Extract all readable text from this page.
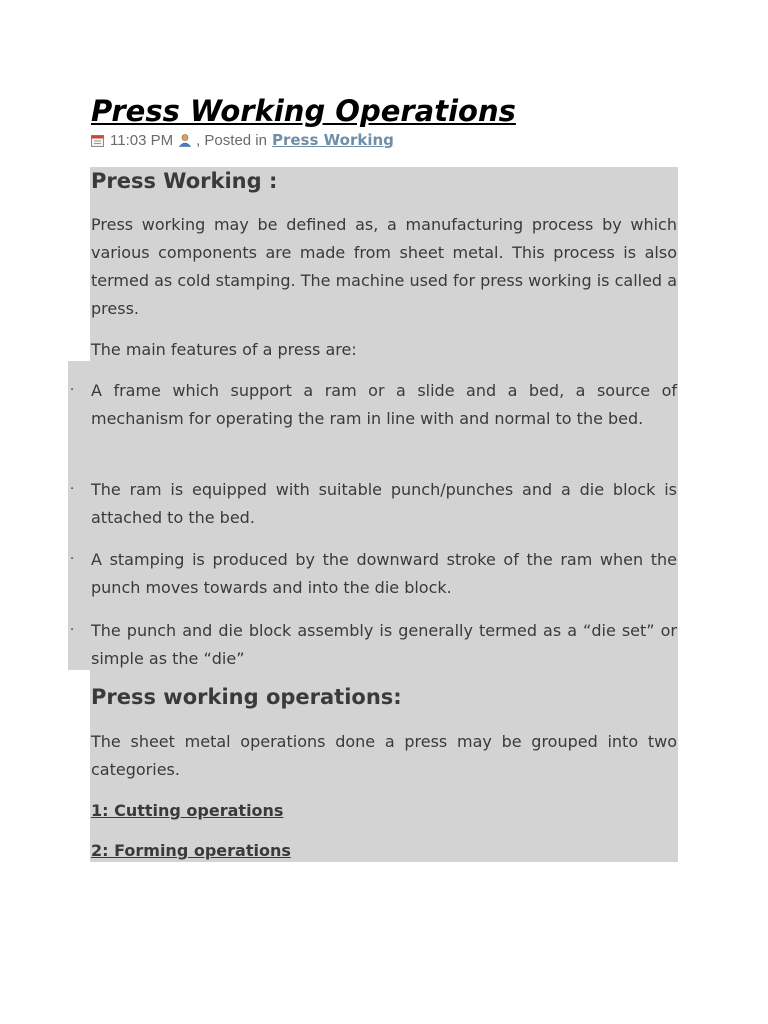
Press Working Operations
11:03 PM , Posted in Press Working
Press Working :

Press working may be defined as, a manufacturing process by which various components are made from sheet metal. This process is also termed as cold stamping. The machine used for press working is called a press.

The main features of a press are:

· A frame which support a ram or a slide and a bed, a source of mechanism for operating the ram in line with and normal to the bed.

· The ram is equipped with suitable punch/punches and a die block is attached to the bed.

· A stamping is produced by the downward stroke of the ram when the punch moves towards and into the die block.

· The punch and die block assembly is generally termed as a “die set” or simple as the “die”

Press working operations:

The sheet metal operations done a press may be grouped into two categories.

1: Cutting operations
2: Forming operations
